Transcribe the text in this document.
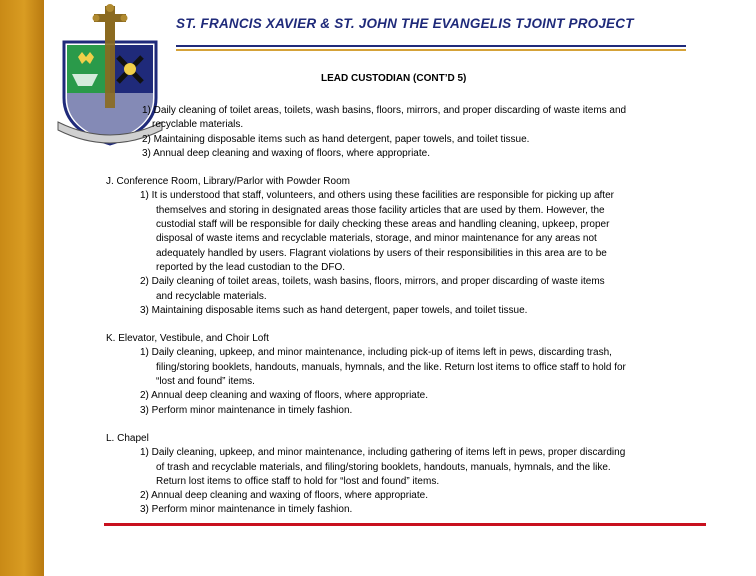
ST. FRANCIS XAVIER & ST. JOHN THE EVANGELIS TJOINT PROJECT
LEAD CUSTODIAN (CONT’D 5)

1) Daily cleaning of toilet areas, toilets, wash basins, floors, mirrors, and proper discarding of waste items and

recyclable materials.

2) Maintaining disposable items such as hand detergent, paper towels, and toilet tissue.

3) Annual deep cleaning and waxing of floors, where appropriate.

J. Conference Room, Library/Parlor with Powder Room

1) It is understood that staff, volunteers, and others using these facilities are responsible for picking up after

themselves and storing in designated areas those facility articles that are used by them. However, the

custodial staff will be responsible for daily checking these areas and handling cleaning, upkeep, proper

disposal of waste items and recyclable materials, storage, and minor maintenance for any areas not

adequately handled by users. Flagrant violations by users of their responsibilities in this area are to be

reported by the lead custodian to the DFO.

2) Daily cleaning of toilet areas, toilets, wash basins, floors, mirrors, and proper discarding of waste items

and recyclable materials.

3) Maintaining disposable items such as hand detergent, paper towels, and toilet tissue.

K. Elevator, Vestibule, and Choir Loft

1) Daily cleaning, upkeep, and minor maintenance, including pick-up of items left in pews, discarding trash,

filing/storing booklets, handouts, manuals, hymnals, and the like. Return lost items to office staff to hold for

“lost and found” items.

2) Annual deep cleaning and waxing of floors, where appropriate.

3) Perform minor maintenance in timely fashion.

L. Chapel

1) Daily cleaning, upkeep, and minor maintenance, including gathering of items left in pews, proper discarding

of trash and recyclable materials, and filing/storing booklets, handouts, manuals, hymnals, and the like.

Return lost items to office staff to hold for “lost and found” items.

2) Annual deep cleaning and waxing of floors, where appropriate.

3) Perform minor maintenance in timely fashion.
